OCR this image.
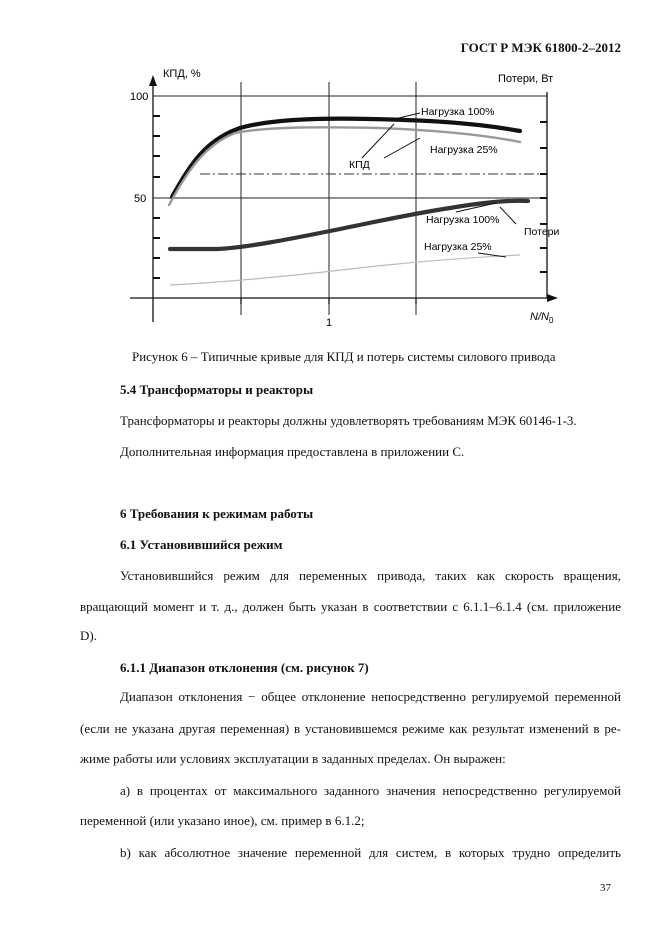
ГОСТ Р МЭК 61800-2–2012
КПД, %	Потери, Вт
100
50
1	$N/N_0$
Нагрузка 100%
Нагрузка 25%
КПД
Нагрузка 100%
Потери
Нагрузка 25%
Рисунок 6 – Типичные кривые для КПД и потерь системы силового привода
5.4 Трансформаторы и реакторы
Трансформаторы и реакторы должны удовлетворять требованиям МЭК 60146-1-3.
Дополнительная информация предоставлена в приложении С.
6 Требования к режимам работы
6.1 Установившийся режим
Установившийся режим для переменных привода, таких как скорость вращения,
вращающий момент и т. д., должен быть указан в соответствии с 6.1.1–6.1.4 (см. приложение
D).
6.1.1 Диапазон отклонения (см. рисунок 7)
Диапазон отклонения − общее отклонение непосредственно регулируемой переменной
(если не указана другая переменная) в установившемся режиме как результат изменений в ре-
жиме работы или условиях эксплуатации в заданных пределах. Он выражен:
а) в процентах от максимального заданного значения непосредственно регулируемой
переменной (или указано иное), см. пример в 6.1.2;
b) как абсолютное значение переменной для систем, в которых трудно определить
37
